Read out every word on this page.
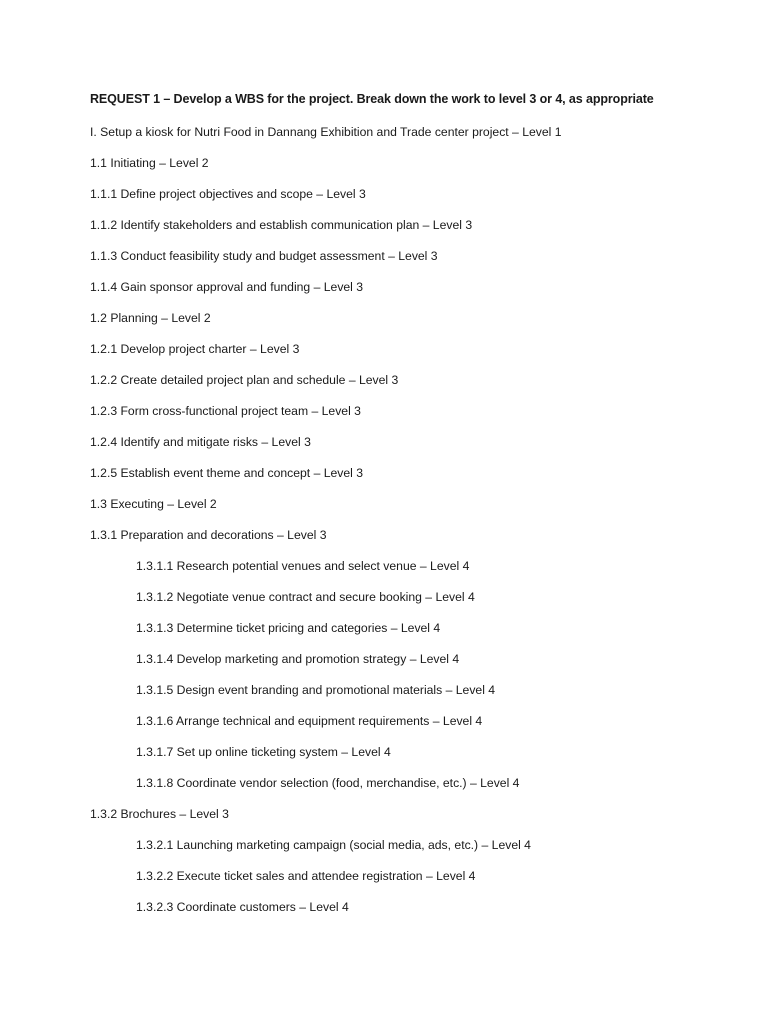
REQUEST 1 – Develop a WBS for the project. Break down the work to level 3 or 4, as appropriate
I. Setup a kiosk for Nutri Food in Dannang Exhibition and Trade center project – Level 1
1.1 Initiating – Level 2
1.1.1 Define project objectives and scope – Level 3
1.1.2 Identify stakeholders and establish communication plan – Level 3
1.1.3 Conduct feasibility study and budget assessment – Level 3
1.1.4 Gain sponsor approval and funding – Level 3
1.2 Planning – Level 2
1.2.1 Develop project charter – Level 3
1.2.2 Create detailed project plan and schedule – Level 3
1.2.3 Form cross-functional project team – Level 3
1.2.4 Identify and mitigate risks – Level 3
1.2.5 Establish event theme and concept – Level 3
1.3 Executing – Level 2
1.3.1 Preparation and decorations – Level 3
1.3.1.1 Research potential venues and select venue – Level 4
1.3.1.2 Negotiate venue contract and secure booking – Level 4
1.3.1.3 Determine ticket pricing and categories – Level 4
1.3.1.4 Develop marketing and promotion strategy – Level 4
1.3.1.5 Design event branding and promotional materials – Level 4
1.3.1.6 Arrange technical and equipment requirements – Level 4
1.3.1.7 Set up online ticketing system – Level 4
1.3.1.8 Coordinate vendor selection (food, merchandise, etc.) – Level 4
1.3.2 Brochures – Level 3
1.3.2.1 Launching marketing campaign (social media, ads, etc.) – Level 4
1.3.2.2 Execute ticket sales and attendee registration – Level 4
1.3.2.3 Coordinate customers – Level 4
